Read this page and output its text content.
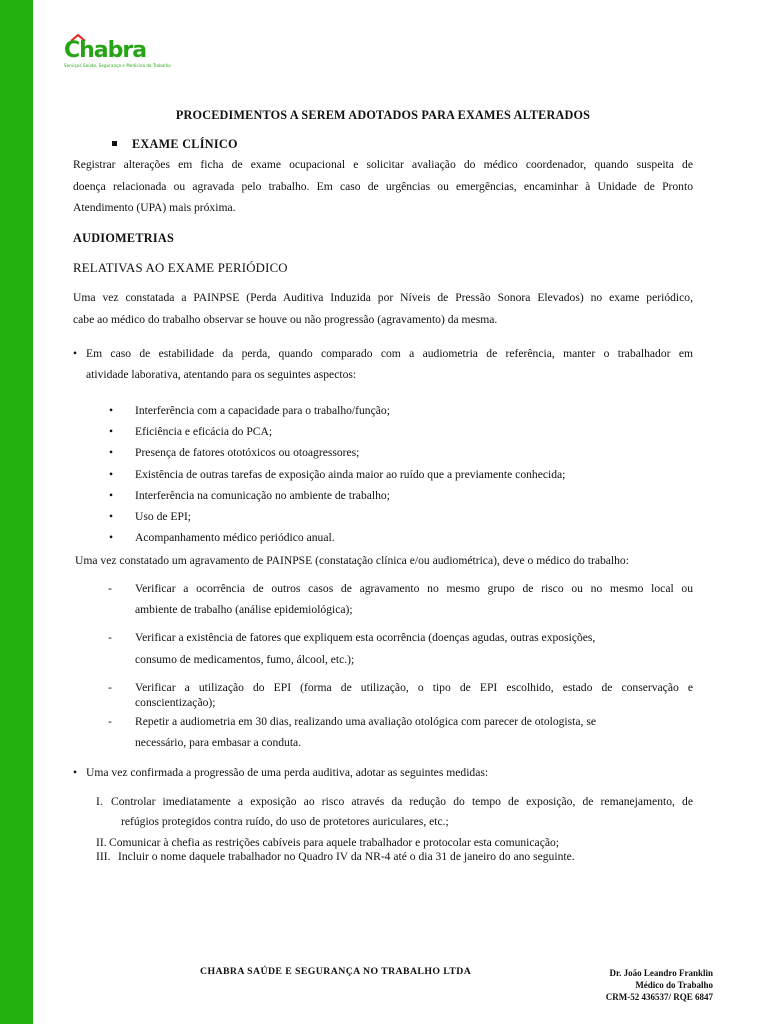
Chabra
Serviços Saúde, Segurança e Medicina do Trabalho
PROCEDIMENTOS A SEREM ADOTADOS PARA EXAMES ALTERADOS
EXAME CLÍNICO
Registrar alterações em ficha de exame ocupacional e solicitar avaliação do médico coordenador, quando suspeita de
doença relacionada ou agravada pelo trabalho. Em caso de urgências ou emergências, encaminhar à Unidade de Pronto
Atendimento (UPA) mais próxima.
AUDIOMETRIAS
RELATIVAS AO EXAME PERIÓDICO
Uma vez constatada a PAINPSE (Perda Auditiva Induzida por Níveis de Pressão Sonora Elevados) no exame periódico,
cabe ao médico do trabalho observar se houve ou não progressão (agravamento) da mesma.
• Em caso de estabilidade da perda, quando comparado com a audiometria de referência, manter o trabalhador em
atividade laborativa, atentando para os seguintes aspectos:
• Interferência com a capacidade para o trabalho/função;
• Eficiência e eficácia do PCA;
• Presença de fatores ototóxicos ou otoagressores;
• Existência de outras tarefas de exposição ainda maior ao ruído que a previamente conhecida;
• Interferência na comunicação no ambiente de trabalho;
• Uso de EPI;
• Acompanhamento médico periódico anual.
Uma vez constatado um agravamento de PAINPSE (constatação clínica e/ou audiométrica), deve o médico do trabalho:
- Verificar a ocorrência de outros casos de agravamento no mesmo grupo de risco ou no mesmo local ou
ambiente de trabalho (análise epidemiológica);
- Verificar a existência de fatores que expliquem esta ocorrência (doenças agudas, outras exposições,
consumo de medicamentos, fumo, álcool, etc.);
- Verificar a utilização do EPI (forma de utilização, o tipo de EPI escolhido, estado de conservação e
conscientização);
- Repetir a audiometria em 30 dias, realizando uma avaliação otológica com parecer de otologista, se
necessário, para embasar a conduta.
• Uma vez confirmada a progressão de uma perda auditiva, adotar as seguintes medidas:
I. Controlar imediatamente a exposição ao risco através da redução do tempo de exposição, de remanejamento, de
refúgios protegidos contra ruído, do uso de protetores auriculares, etc.;
II. Comunicar à chefia as restrições cabíveis para aquele trabalhador e protocolar esta comunicação;
III. Incluir o nome daquele trabalhador no Quadro IV da NR-4 até o dia 31 de janeiro do ano seguinte.
CHABRA SAÚDE E SEGURANÇA NO TRABALHO LTDA	Dr. João Leandro Franklin
Médico do Trabalho
CRM-52 436537/ RQE 6847
